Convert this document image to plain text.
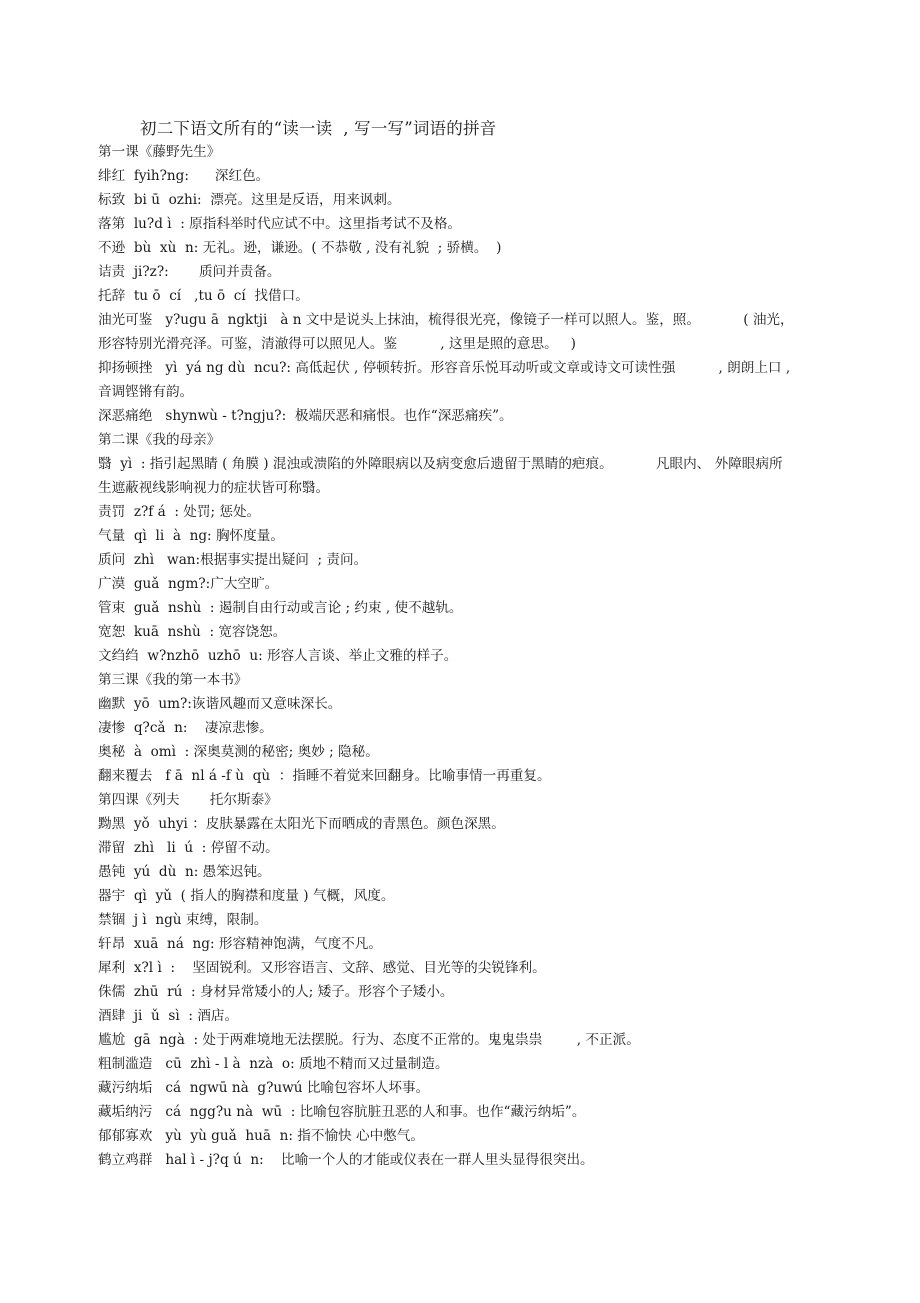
初二下语文所有的“读一读  , 写一写”词语的拼音
第一课《藤野先生》
绯红  fyih?ng:      深红色。
标致  bi ū  ozhi:  漂亮。这里是反语，用来讽刺。
落第  lu?d ì  : 原指科举时代应试不中。这里指考试不及格。
不逊  bù  xù  n: 无礼。逊，谦逊。( 不恭敬 , 没有礼貌  ; 骄横。  )
诘责  ji?z?:       质问并责备。
托辞  tu ō  cí   ,tu ō  cí  找借口。
油光可鉴   y?ugu ā  ngktji   à n 文中是说头上抹油，梳得很光亮，像镜子一样可以照人。鉴，照。          ( 油光，
形容特别光滑亮泽。可鉴，清澈得可以照见人。鉴          , 这里是照的意思。   )
抑扬顿挫   yì  yá ng dù  ncu?: 高低起伏 , 停顿转折。形容音乐悦耳动听或文章或诗文可读性强          , 朗朗上口 ,
音调铿锵有韵。
深恶痛绝   shynwù - t?ngju?:  极端厌恶和痛恨。也作“深恶痛疾”。
第二课《我的母亲》
翳  yì  : 指引起黑睛 ( 角膜 ) 混浊或溃陷的外障眼病以及病变愈后遗留于黑睛的疤痕。          凡眼内、 外障眼病所
生遮蔽视线影响视力的症状皆可称翳。
责罚  z?f á  : 处罚; 惩处。
气量  qì  li  à  ng: 胸怀度量。
质问  zhì   wan:根据事实提出疑问  ; 责问。
广漠  guǎ  ngm?:广大空旷。
管束  guǎ  nshù  : 遏制自由行动或言论 ; 约束 , 使不越轨。
宽恕  kuā  nshù  : 宽容饶恕。
文绉绉  w?nzhō  uzhō  u: 形容人言谈、举止文雅的样子。
第三课《我的第一本书》
幽默  yō  um?:诙谐风趣而又意味深长。
凄惨  q?cǎ  n:    凄凉悲惨。
奥秘  à  omì  : 深奥莫测的秘密; 奥妙 ; 隐秘。
翻来覆去   f ā  nl á -f ù  qù  ：指睡不着觉来回翻身。比喻事情一再重复。
第四课《列夫       托尔斯泰》
黝黑  yǒ  uhyi ：皮肤暴露在太阳光下而晒成的青黑色。颜色深黑。
滞留  zhì   li  ú  : 停留不动。
愚钝  yú  dù  n: 愚笨迟钝。
器宇  qì  yǔ  ( 指人的胸襟和度量 ) 气概，风度。
禁锢  j ì  ngù 束缚，限制。
轩昂  xuā  ná  ng: 形容精神饱满，气度不凡。
犀利  x?l ì  :    坚固锐利。又形容语言、文辞、感觉、目光等的尖锐锋利。
侏儒  zhū  rú  : 身材异常矮小的人; 矮子。形容个子矮小。
酒肆  ji  ǔ  sì  : 酒店。
尴尬  gā  ngà  : 处于两难境地无法摆脱。行为、态度不正常的。鬼鬼祟祟        , 不正派。
粗制滥造   cū  zhì - l à  nzà  o: 质地不精而又过量制造。
藏污纳垢   cá  ngwū nà  g?uwú 比喻包容坏人坏事。
藏垢纳污   cá  ngg?u nà  wū  : 比喻包容肮脏丑恶的人和事。也作“藏污纳垢”。
郁郁寡欢   yù  yù guǎ  huā  n: 指不愉快 心中憋气。
鹤立鸡群   hal ì - j?q ú  n:    比喻一个人的才能或仪表在一群人里头显得很突出。
